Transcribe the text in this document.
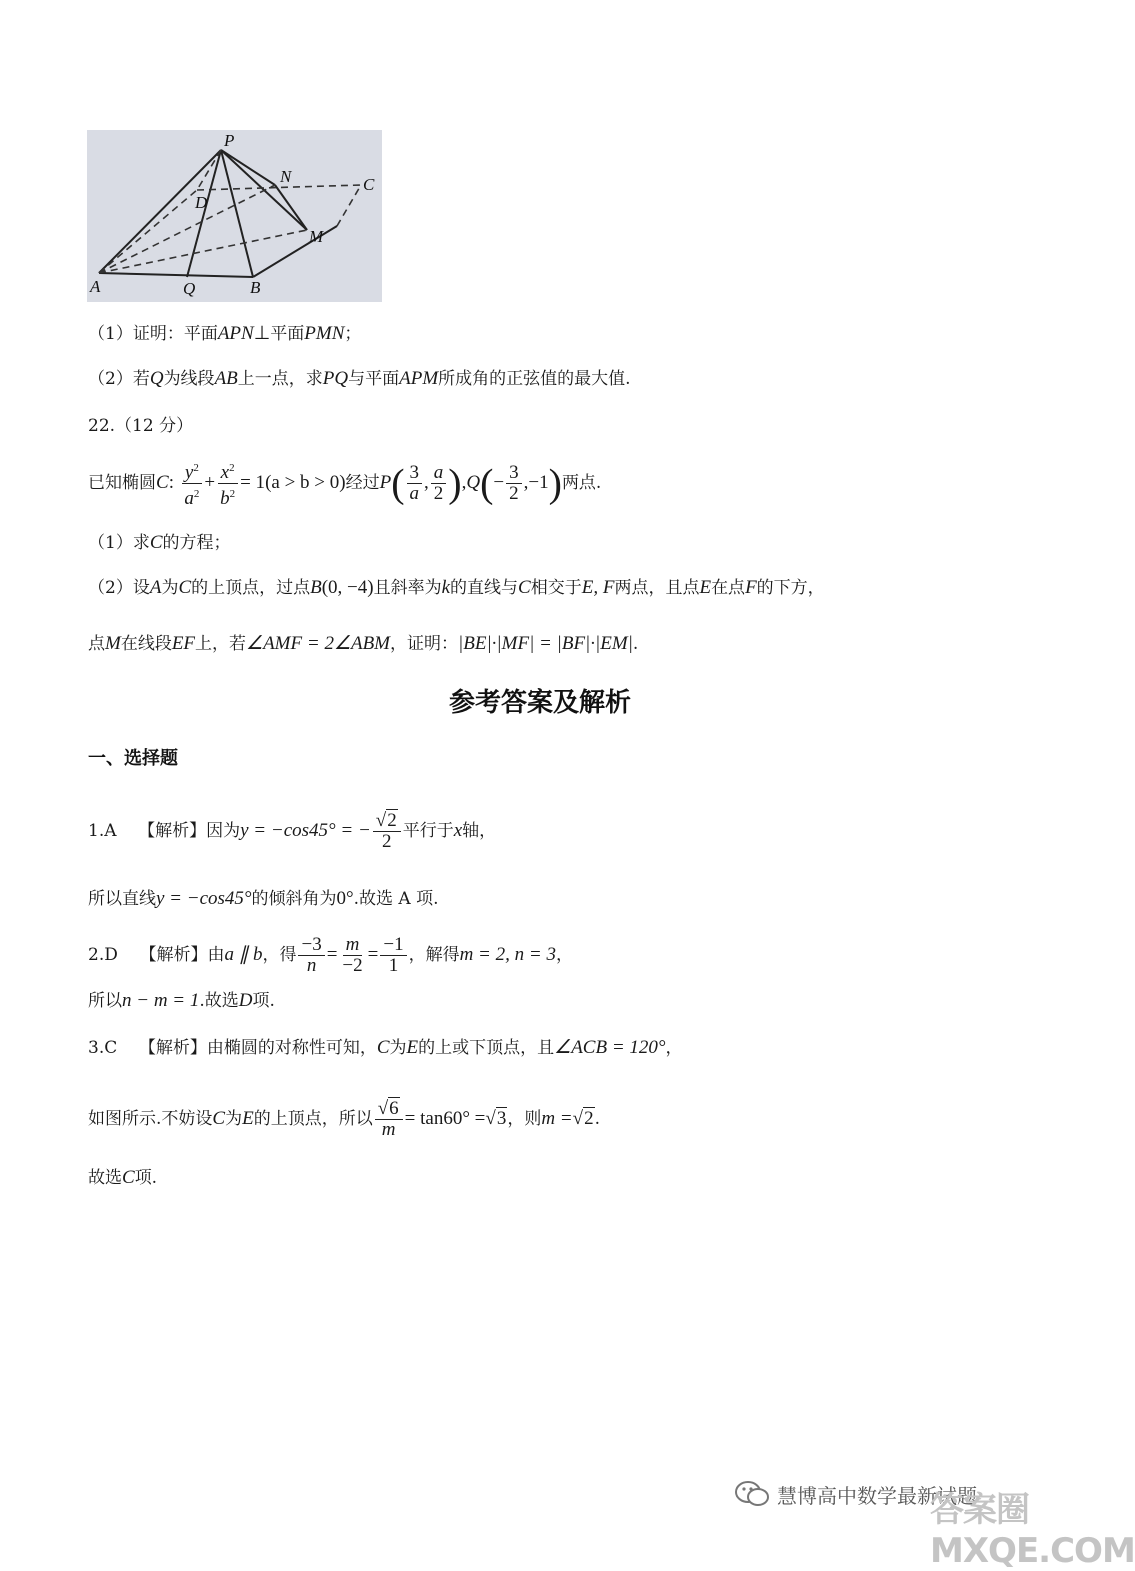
P
N	C
D
M
A	Q	B
（1）证明：平面APN⊥平面PMN；
（2）若Q为线段AB上一点，求PQ与平面APM所成角的正弦值的最大值.
22.（12 分）
已知椭圆C: $\frac{y^2}{a^2} + \frac{x^2}{b^2} = 1(a > b > 0)$经过$P( \frac{3}{a}$ , $\frac{a}{2} ),Q(- \frac{3}{2} ,-1)$两点.
（1）求C的方程；
（2）设A为C的上顶点，过点B(0, −4)且斜率为k的直线与C相交于E, F两点，且点E在点F的下方，
点M在线段EF上，若∠AMF = 2∠ABM，证明：|BE|·|MF| = |BF|·|EM|.
参考答案及解析
一、选择题
1.A 【解析】因为y = −cos45° = − $\frac{√2}{2}$ 平行于x轴，
所以直线y = −cos45°的倾斜角为0°.故选 A 项.
2.D 【解析】由a ∥ b，得 $\frac{-3}{n} = \frac{m}{-2} = \frac{-1}{1}$ ，解得m = 2, n = 3，
所以n − m = 1.故选D项.
3.C 【解析】由椭圆的对称性可知，C为E的上或下顶点，且∠ACB = 120°，
如图所示.不妨设C为E的上顶点，所以 $\frac{√6}{m} = \tan 60^\circ =√3$，则m =√2.
故选C项.
慧博高中数学最新试题
答案圈 MXQE.COM
